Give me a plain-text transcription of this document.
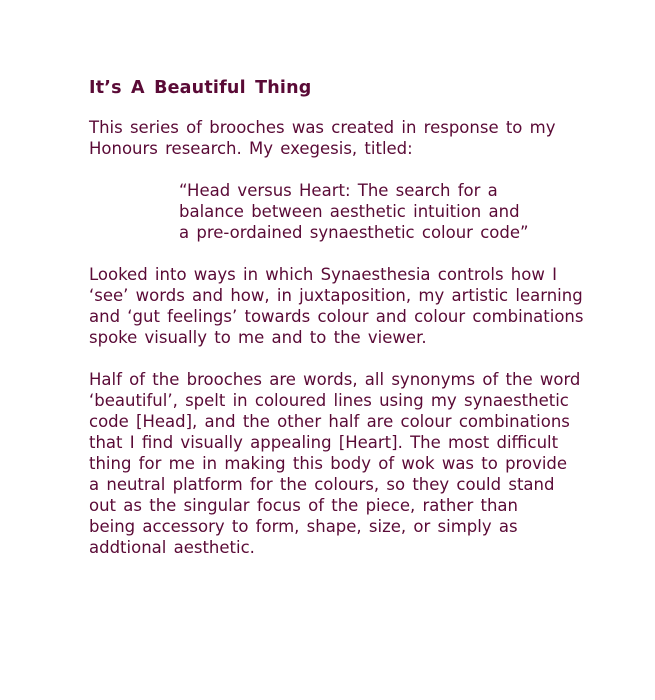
It’s A Beautiful Thing

This series of brooches was created in response to my
Honours research. My exegesis, titled:

“Head versus Heart: The search for a
balance between aesthetic intuition and
a pre-ordained synaesthetic colour code”

Looked into ways in which Synaesthesia controls how I
‘see’ words and how, in juxtaposition, my artistic learning
and ‘gut feelings’ towards colour and colour combinations
spoke visually to me and to the viewer.

Half of the brooches are words, all synonyms of the word
‘beautiful’, spelt in coloured lines using my synaesthetic
code [Head], and the other half are colour combinations
that I find visually appealing [Heart]. The most difficult
thing for me in making this body of wok was to provide
a neutral platform for the colours, so they could stand
out as the singular focus of the piece, rather than
being accessory to form, shape, size, or simply as
addtional aesthetic.
